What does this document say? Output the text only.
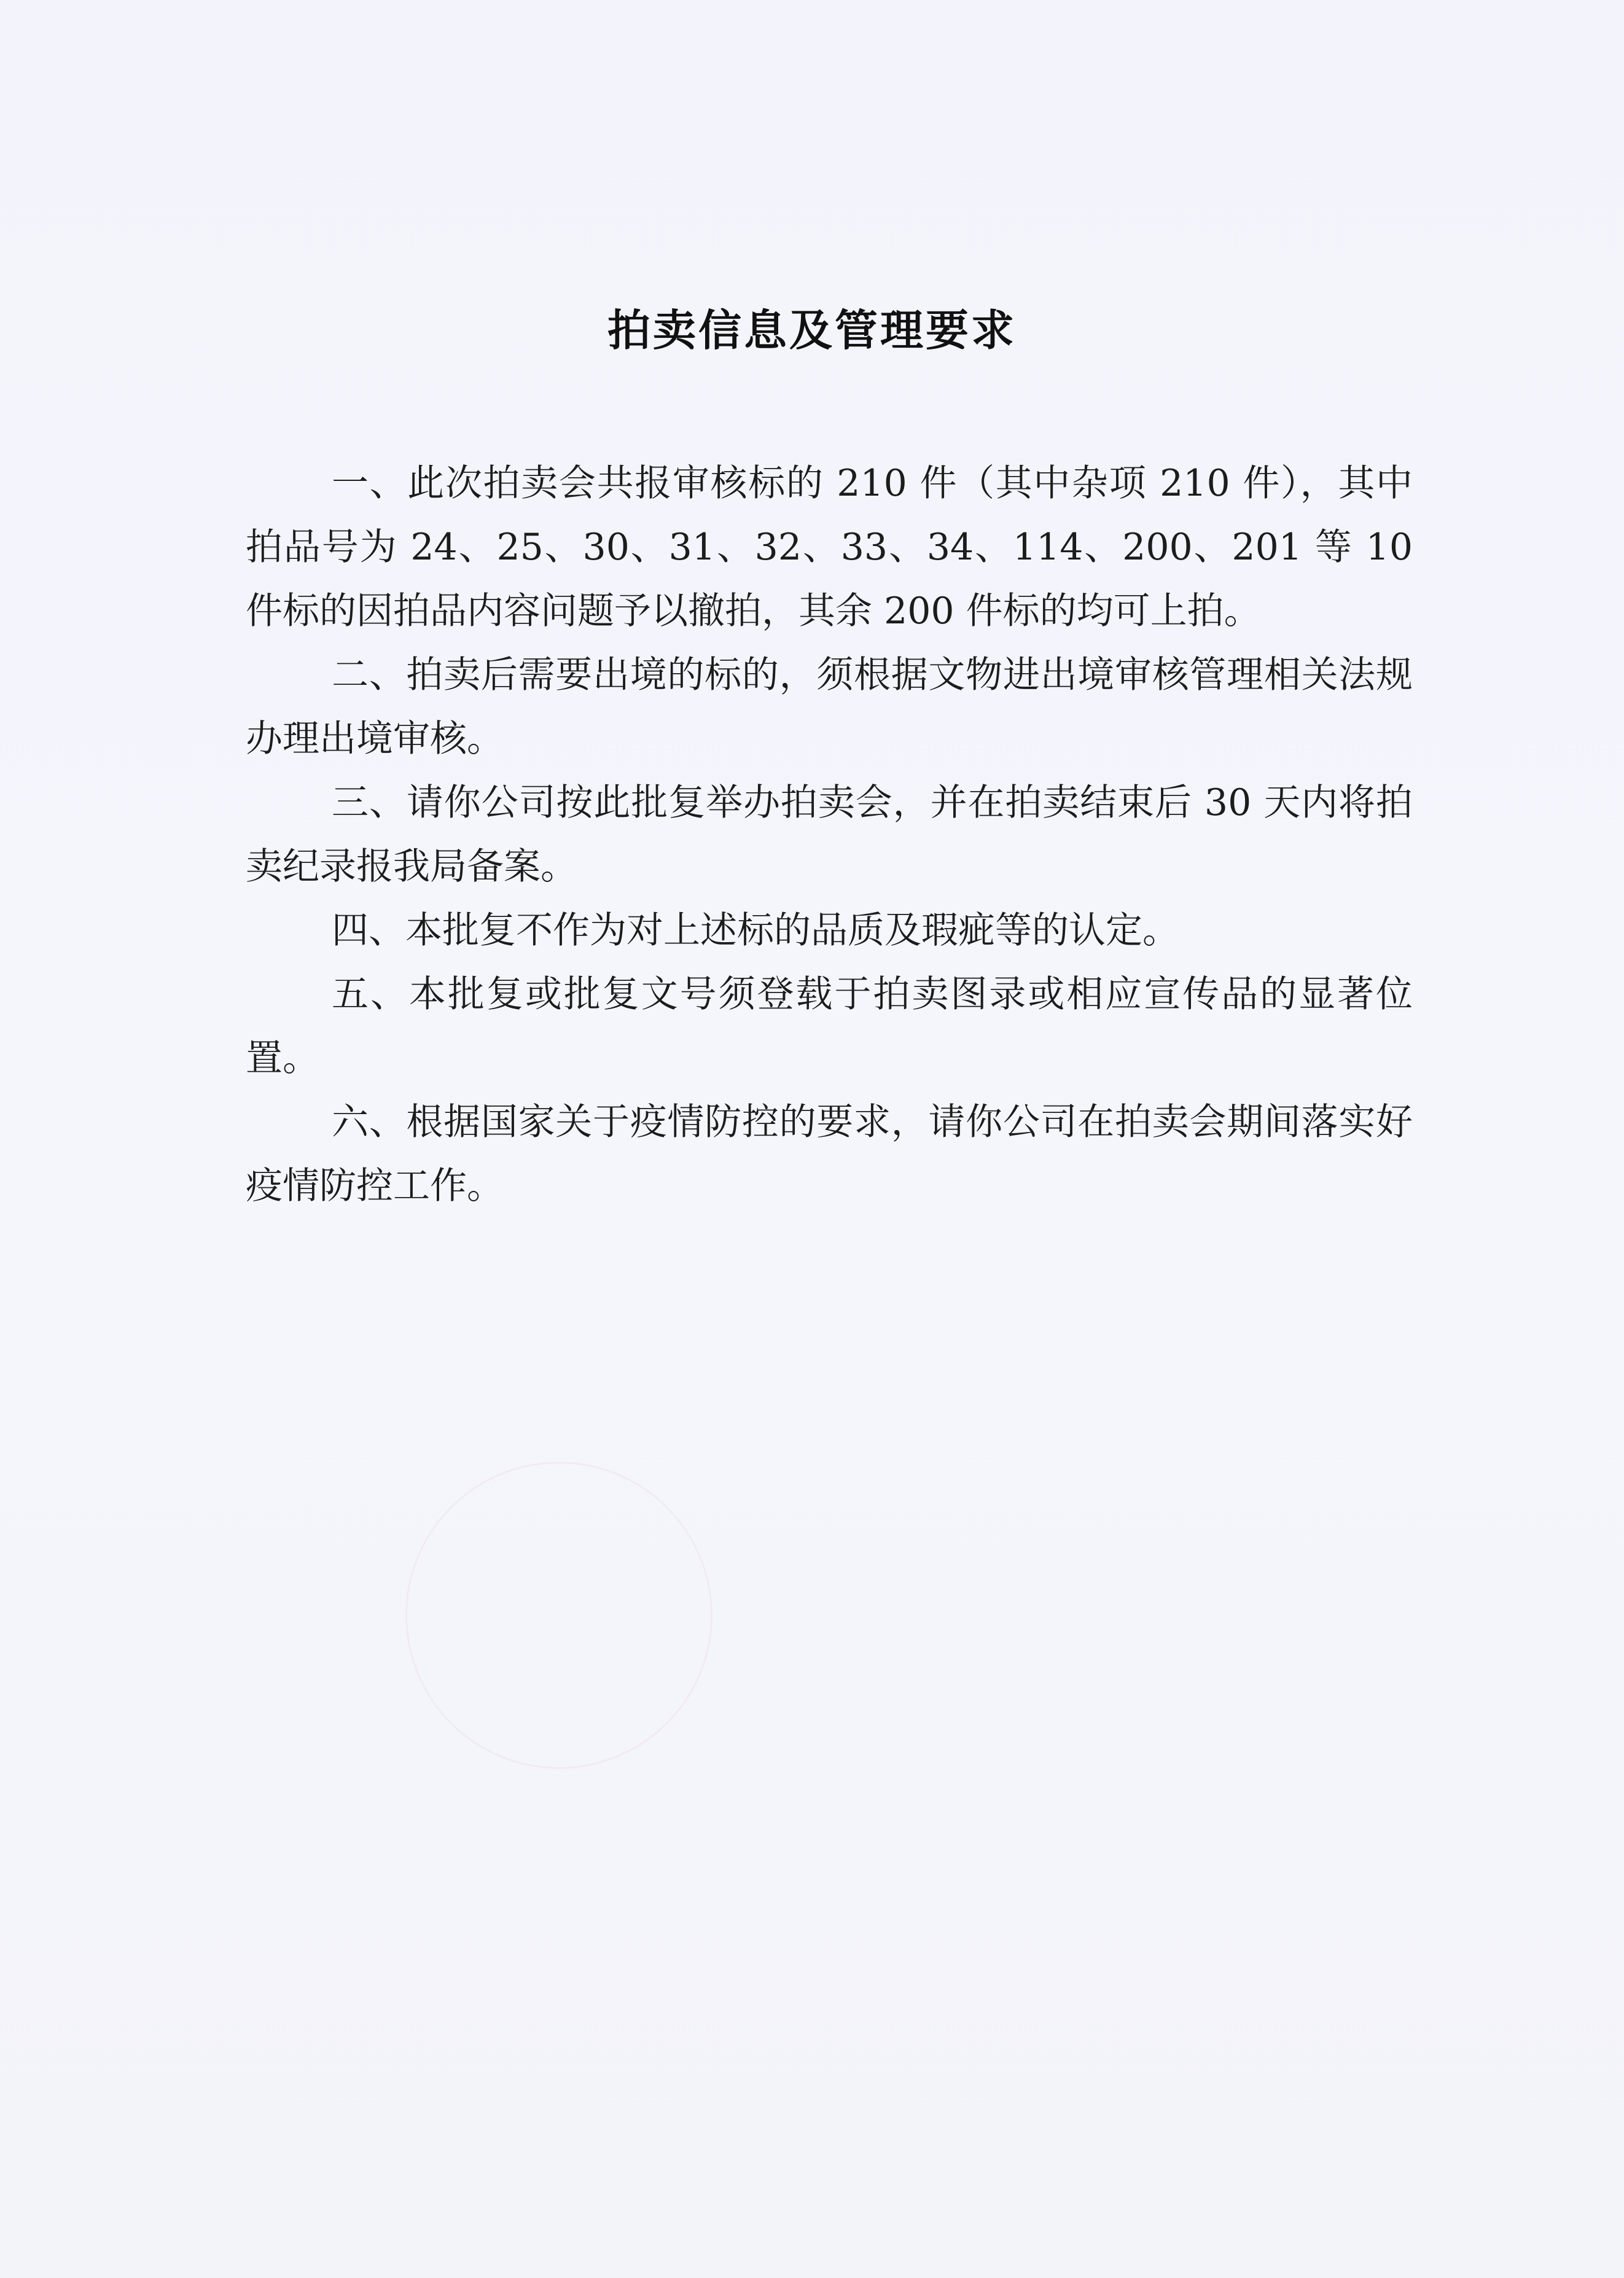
拍卖信息及管理要求

一、此次拍卖会共报审核标的 210 件（其中杂项 210 件），其中拍品号为 24、25、30、31、32、33、34、114、200、201 等 10 件标的因拍品内容问题予以撤拍，其余 200 件标的均可上拍。

二、拍卖后需要出境的标的，须根据文物进出境审核管理相关法规办理出境审核。

三、请你公司按此批复举办拍卖会，并在拍卖结束后 30 天内将拍卖纪录报我局备案。

四、本批复不作为对上述标的品质及瑕疵等的认定。

五、本批复或批复文号须登载于拍卖图录或相应宣传品的显著位置。

六、根据国家关于疫情防控的要求，请你公司在拍卖会期间落实好疫情防控工作。
